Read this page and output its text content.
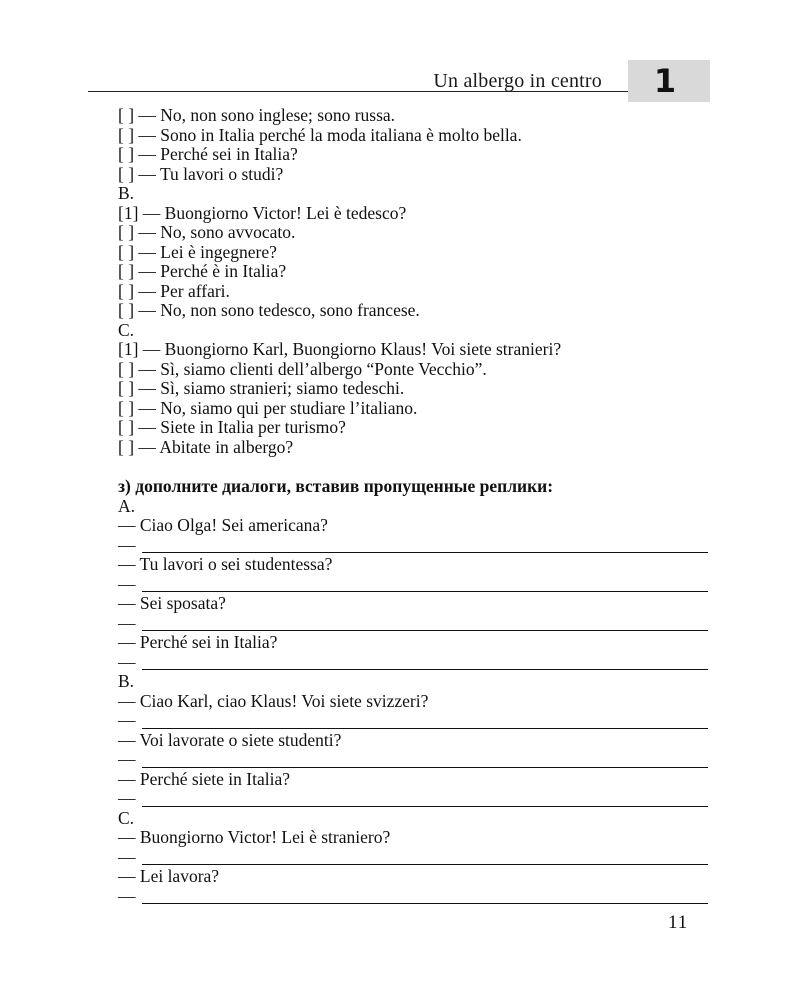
Un albergo in centro 1

[ ] — No, non sono inglese; sono russa.

[ ] — Sono in Italia perché la moda italiana è molto bella.

[ ] — Perché sei in Italia?

[ ] — Tu lavori o studi?

B.

[1] — Buongiorno Victor! Lei è tedesco?

[ ] — No, sono avvocato.

[ ] — Lei è ingegnere?

[ ] — Perché è in Italia?

[ ] — Per affari.

[ ] — No, non sono tedesco, sono francese.

C.

[1] — Buongiorno Karl, Buongiorno Klaus! Voi siete stranieri?

[ ] — Sì, siamo clienti dell’albergo “Ponte Vecchio”.

[ ] — Sì, siamo stranieri; siamo tedeschi.

[ ] — No, siamo qui per studiare l’italiano.

[ ] — Siete in Italia per turismo?

[ ] — Abitate in albergo?

з) дополните диалоги, вставив пропущенные реплики:
A.

— Ciao Olga! Sei americana?

—

— Tu lavori o sei studentessa?

—

— Sei sposata?

—

— Perché sei in Italia?

—
B.

— Ciao Karl, ciao Klaus! Voi siete svizzeri?

—

— Voi lavorate o siete studenti?

—

— Perché siete in Italia?

—
C.

— Buongiorno Victor! Lei è straniero?

—

— Lei lavora?

—
11
